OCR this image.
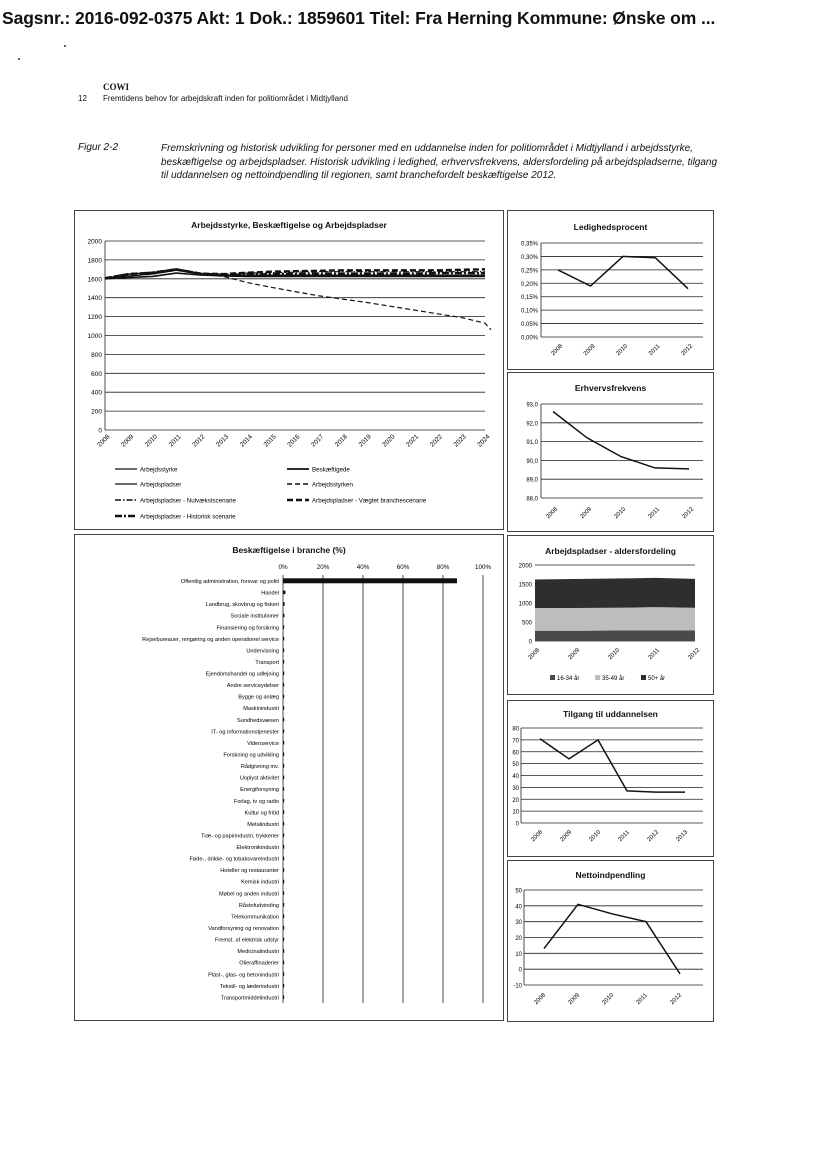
Sagsnr.: 2016-092-0375 Akt: 1 Dok.: 1859601 Titel: Fra Herning Kommune: Ønske om ...
COWI
12 Fremtidens behov for arbejdskraft inden for politiområdet i Midtjylland
Figur 2-2	Fremskrivning og historisk udvikling for personer med en uddannelse inden for politiområdet i Midtjylland i arbejdsstyrke, beskæftigelse og arbejdspladser. Historisk udvikling i ledighed, erhvervsfrekvens, aldersfordeling på arbejdspladserne, tilgang til uddannelsen og nettoindpendling til regionen, samt branchefordelt beskæftigelse 2012.
Arbejdsstyrke, Beskæftigelse og Arbejdspladser
0
200
400
600
800
1000
1200
1400
1600
1800
2000
2008 2009 2010 2011 2012 2013 2014 2015 2016 2017 2018 2019 2020 2021 2022 2023 2024
Arbejdsstyrke	Beskæftigede
Arbejdspladser	Arbejdsstyrken
Arbejdspladser - Nulvækstscenarie	Arbejdspladser - Vægtet branchescenarie
Arbejdspladser - Historisk scenarie
Ledighedsprocent
0,00%
0,05%
0,10%
0,15%
0,20%
0,25%
0,30%
0,35%
2008	2009	2010	2011	2012
Erhvervsfrekvens
88,0
89,0
90,0
91,0
92,0
93,0
2008	2009	2010	2011	2012
Beskæftigelse i branche (%)
0%	20%	40%	60%	80%	100%
Offentlig administration, forsvar og politi
Handel
Landbrug, skovbrug og fiskeri
Sociale institutioner
Finansiering og forsikring
Rejsebureauer, rengøring og anden operationel service
Undervisning
Transport
Ejendomshandel og udlejning
Andre serviceydelser
Bygge og anlæg
Maskinindustri
Sundhedsvæsen
IT- og informationstjenester
Videnservice
Forskning og udvikling
Rådgivning mv.
Uoplyst aktivitet
Energiforsyning
Forlag, tv og radio
Kultur og fritid
Metalindustri
Træ- og papirindustri, trykkerier
Elektronikindustri
Føde-, drikke- og tobaksvareindustri
Hoteller og restauranter
Kemisk industri
Møbel og anden industri
Råstofudvinding
Telekommunikation
Vandforsyning og renovation
Fremst. af elektrisk udstyr
Medicinalindustri
Olieraffinaderier
Plast-, glas- og betonindustri
Tekstil- og læderindustri
Transportmiddelindustri
Arbejdspladser - aldersfordeling
0
500
1000
1500
2000
2008	2009	2010	2011	2012
16-34 år	35-49 år	50+ år
Tilgang til uddannelsen
0
10
20
30
40
50
60
70
80
2008	2009	2010	2011	2012	2013
Nettoindpendling
-10
0
10
20
30
40
50
2008	2009	2010	2011	2012
